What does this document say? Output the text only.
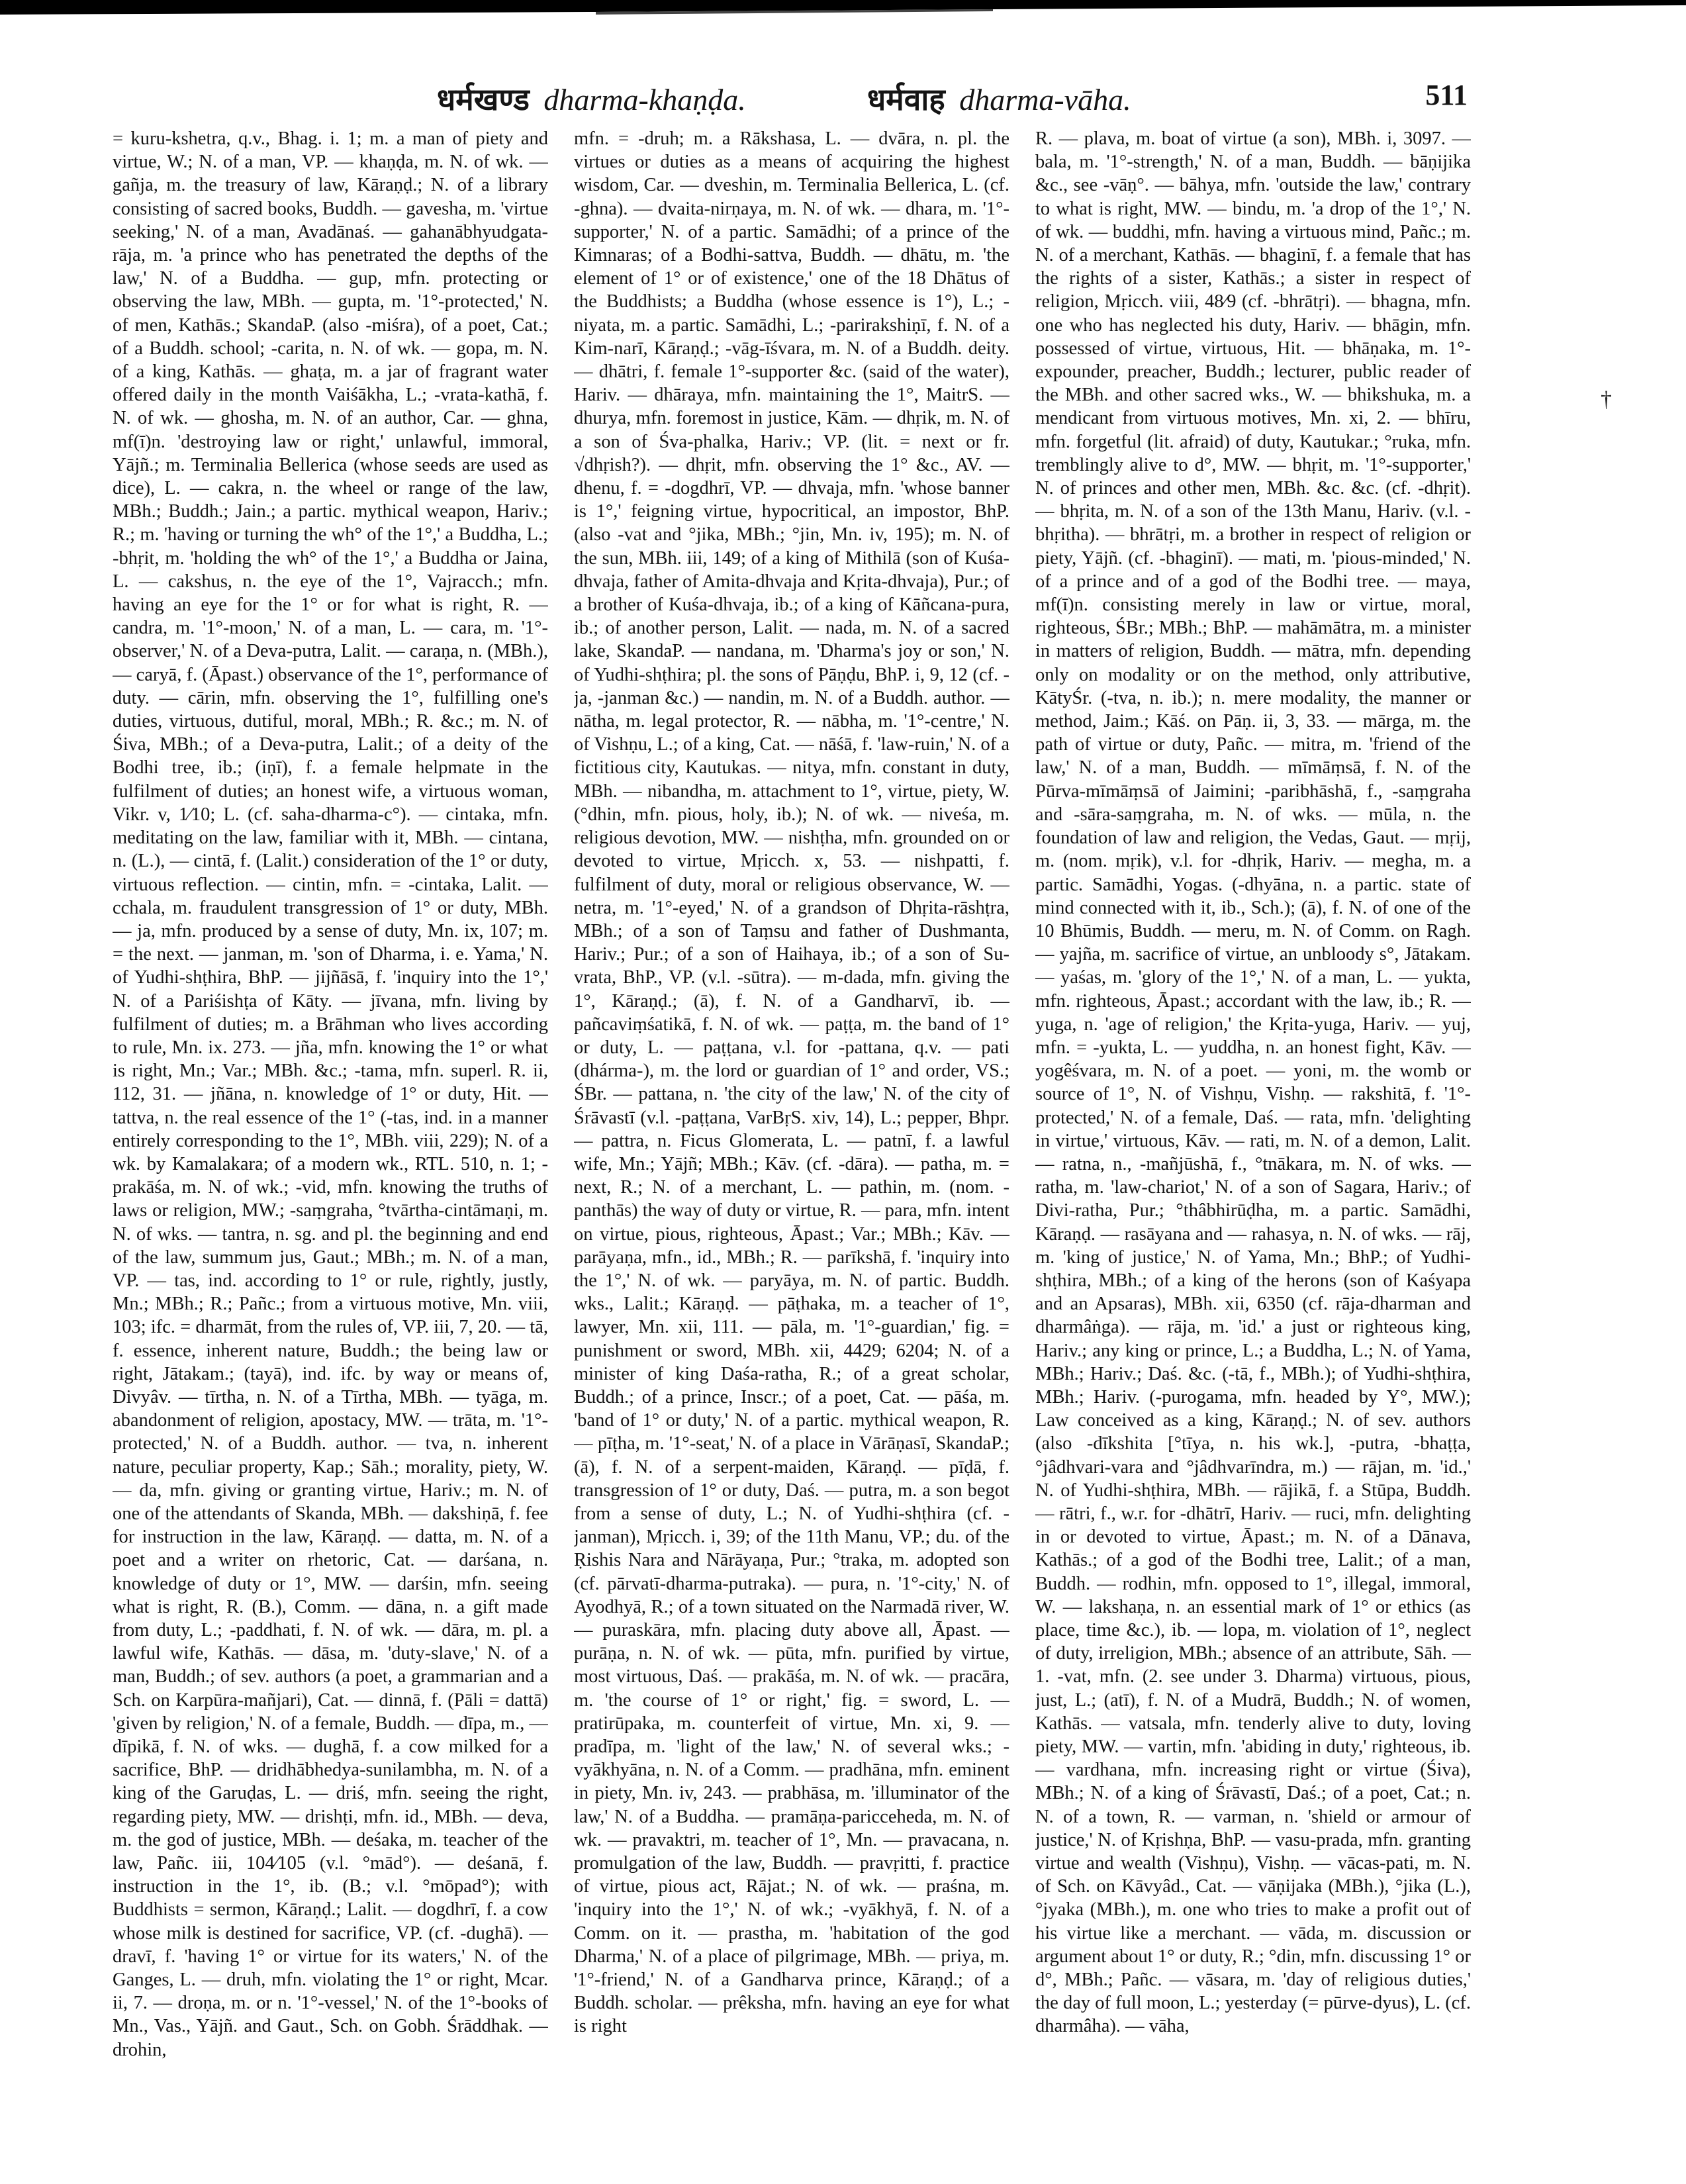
धर्मखण्ड dharma-khaṇḍa.	धर्मवाह dharma-vāha.	511

= kuru-kshetra, q.v., Bhag. i. 1; m. a man of piety and virtue, W.; N. of a man, VP. — khaṇḍa, m. N. of wk. — gañja, m. the treasury of law, Kāraṇḍ.; N. of a library consisting of sacred books, Buddh. — gavesha, m. 'virtue seeking,' N. of a man, Avadānaś. — gahanābhyudgata-rāja, m. 'a prince who has penetrated the depths of the law,' N. of a Buddha. — gup, mfn. protecting or observing the law, MBh. — gupta, m. '1°-protected,' N. of men, Kathās.; SkandaP. (also -miśra), of a poet, Cat.; of a Buddh. school; -carita, n. N. of wk. — gopa, m. N. of a king, Kathās. — ghaṭa, m. a jar of fragrant water offered daily in the month Vaiśākha, L.; -vrata-kathā, f. N. of wk. — ghosha, m. N. of an author, Car. — ghna, mf(ī)n. 'destroying law or right,' unlawful, immoral, Yājñ.; m. Terminalia Bellerica (whose seeds are used as dice), L. — cakra, n. the wheel or range of the law, MBh.; Buddh.; Jain.; a partic. mythical weapon, Hariv.; R.; m. 'having or turning the wh° of the 1°,' a Buddha, L.; -bhṛit, m. 'holding the wh° of the 1°,' a Buddha or Jaina, L. — cakshus, n. the eye of the 1°, Vajracch.; mfn. having an eye for the 1° or for what is right, R. — candra, m. '1°-moon,' N. of a man, L. — cara, m. '1°-observer,' N. of a Deva-putra, Lalit. — caraṇa, n. (MBh.), — caryā, f. (Āpast.) observance of the 1°, performance of duty. — cārin, mfn. observing the 1°, fulfilling one's duties, virtuous, dutiful, moral, MBh.; R. &c.; m. N. of Śiva, MBh.; of a Deva-putra, Lalit.; of a deity of the Bodhi tree, ib.; (iṇī), f. a female helpmate in the fulfilment of duties; an honest wife, a virtuous woman, Vikr. v, 1⁄10; L. (cf. saha-dharma-c°). — cintaka, mfn. meditating on the law, familiar with it, MBh. — cintana, n. (L.), — cintā, f. (Lalit.) consideration of the 1° or duty, virtuous reflection. — cintin, mfn. = -cintaka, Lalit. — cchala, m. fraudulent transgression of 1° or duty, MBh. — ja, mfn. produced by a sense of duty, Mn. ix, 107; m. = the next. — janman, m. 'son of Dharma, i. e. Yama,' N. of Yudhi-shṭhira, BhP. — jijñāsā, f. 'inquiry into the 1°,' N. of a Pariśishṭa of Kāty. — jīvana, mfn. living by fulfilment of duties; m. a Brāhman who lives according to rule, Mn. ix. 273. — jña, mfn. knowing the 1° or what is right, Mn.; Var.; MBh. &c.; -tama, mfn. superl. R. ii, 112, 31. — jñāna, n. knowledge of 1° or duty, Hit. — tattva, n. the real essence of the 1° (-tas, ind. in a manner entirely corresponding to the 1°, MBh. viii, 229); N. of a wk. by Kamalakara; of a modern wk., RTL. 510, n. 1; -prakāśa, m. N. of wk.; -vid, mfn. knowing the truths of laws or religion, MW.; -saṃgraha, °tvārtha-cintāmaṇi, m. N. of wks. — tantra, n. sg. and pl. the beginning and end of the law, summum jus, Gaut.; MBh.; m. N. of a man, VP. — tas, ind. according to 1° or rule, rightly, justly, Mn.; MBh.; R.; Pañc.; from a virtuous motive, Mn. viii, 103; ifc. = dharmāt, from the rules of, VP. iii, 7, 20. — tā, f. essence, inherent nature, Buddh.; the being law or right, Jātakam.; (tayā), ind. ifc. by way or means of, Divyâv. — tīrtha, n. N. of a Tīrtha, MBh. — tyāga, m. abandonment of religion, apostacy, MW. — trāta, m. '1°-protected,' N. of a Buddh. author. — tva, n. inherent nature, peculiar property, Kap.; Sāh.; morality, piety, W. — da, mfn. giving or granting virtue, Hariv.; m. N. of one of the attendants of Skanda, MBh. — dakshiṇā, f. fee for instruction in the law, Kāraṇḍ. — datta, m. N. of a poet and a writer on rhetoric, Cat. — darśana, n. knowledge of duty or 1°, MW. — darśin, mfn. seeing what is right, R. (B.), Comm. — dāna, n. a gift made from duty, L.; -paddhati, f. N. of wk. — dāra, m. pl. a lawful wife, Kathās. — dāsa, m. 'duty-slave,' N. of a man, Buddh.; of sev. authors (a poet, a grammarian and a Sch. on Karpūra-mañjari), Cat. — dinnā, f. (Pāli = dattā) 'given by religion,' N. of a female, Buddh. — dīpa, m., — dīpikā, f. N. of wks. — dughā, f. a cow milked for a sacrifice, BhP. — dridhābhedya-sunilambha, m. N. of a king of the Garuḍas, L. — driś, mfn. seeing the right, regarding piety, MW. — drishṭi, mfn. id., MBh. — deva, m. the god of justice, MBh. — deśaka, m. teacher of the law, Pañc. iii, 104⁄105 (v.l. °mād°). — deśanā, f. instruction in the 1°, ib. (B.; v.l. °mōpad°); with Buddhists = sermon, Kāraṇḍ.; Lalit. — dogdhrī, f. a cow whose milk is destined for sacrifice, VP. (cf. -dughā). — dravī, f. 'having 1° or virtue for its waters,' N. of the Ganges, L. — druh, mfn. violating the 1° or right, Mcar. ii, 7. — droṇa, m. or n. '1°-vessel,' N. of the 1°-books of Mn., Vas., Yājñ. and Gaut., Sch. on Gobh. Śrāddhak. — drohin,

mfn. = -druh; m. a Rākshasa, L. — dvāra, n. pl. the virtues or duties as a means of acquiring the highest wisdom, Car. — dveshin, m. Terminalia Bellerica, L. (cf. -ghna). — dvaita-nirṇaya, m. N. of wk. — dhara, m. '1°-supporter,' N. of a partic. Samādhi; of a prince of the Kimnaras; of a Bodhi-sattva, Buddh. — dhātu, m. 'the element of 1° or of existence,' one of the 18 Dhātus of the Buddhists; a Buddha (whose essence is 1°), L.; -niyata, m. a partic. Samādhi, L.; -parirakshiṇī, f. N. of a Kim-narī, Kāraṇḍ.; -vāg-īśvara, m. N. of a Buddh. deity. — dhātri, f. female 1°-supporter &c. (said of the water), Hariv. — dhāraya, mfn. maintaining the 1°, MaitrS. — dhurya, mfn. foremost in justice, Kām. — dhṛik, m. N. of a son of Śva-phalka, Hariv.; VP. (lit. = next or fr. √dhṛish?). — dhṛit, mfn. observing the 1° &c., AV. — dhenu, f. = -dogdhrī, VP. — dhvaja, mfn. 'whose banner is 1°,' feigning virtue, hypocritical, an impostor, BhP. (also -vat and °jika, MBh.; °jin, Mn. iv, 195); m. N. of the sun, MBh. iii, 149; of a king of Mithilā (son of Kuśa-dhvaja, father of Amita-dhvaja and Kṛita-dhvaja), Pur.; of a brother of Kuśa-dhvaja, ib.; of a king of Kāñcana-pura, ib.; of another person, Lalit. — nada, m. N. of a sacred lake, SkandaP. — nandana, m. 'Dharma's joy or son,' N. of Yudhi-shṭhira; pl. the sons of Pāṇḍu, BhP. i, 9, 12 (cf. -ja, -janman &c.) — nandin, m. N. of a Buddh. author. — nātha, m. legal protector, R. — nābha, m. '1°-centre,' N. of Vishṇu, L.; of a king, Cat. — nāśā, f. 'law-ruin,' N. of a fictitious city, Kautukas. — nitya, mfn. constant in duty, MBh. — nibandha, m. attachment to 1°, virtue, piety, W. (°dhin, mfn. pious, holy, ib.); N. of wk. — niveśa, m. religious devotion, MW. — nishṭha, mfn. grounded on or devoted to virtue, Mṛicch. x, 53. — nishpatti, f. fulfilment of duty, moral or religious observance, W. — netra, m. '1°-eyed,' N. of a grandson of Dhṛita-rāshṭra, MBh.; of a son of Taṃsu and father of Dushmanta, Hariv.; Pur.; of a son of Haihaya, ib.; of a son of Su-vrata, BhP., VP. (v.l. -sūtra). — m-dada, mfn. giving the 1°, Kāraṇḍ.; (ā), f. N. of a Gandharvī, ib. — pañcaviṃśatikā, f. N. of wk. — paṭṭa, m. the band of 1° or duty, L. — paṭṭana, v.l. for -pattana, q.v. — pati (dhárma-), m. the lord or guardian of 1° and order, VS.; ŚBr. — pattana, n. 'the city of the law,' N. of the city of Śrāvastī (v.l. -paṭṭana, VarBṛS. xiv, 14), L.; pepper, Bhpr. — pattra, n. Ficus Glomerata, L. — patnī, f. a lawful wife, Mn.; Yājñ; MBh.; Kāv. (cf. -dāra). — patha, m. = next, R.; N. of a merchant, L. — pathin, m. (nom. -panthās) the way of duty or virtue, R. — para, mfn. intent on virtue, pious, righteous, Āpast.; Var.; MBh.; Kāv. — parāyaṇa, mfn., id., MBh.; R. — parīkshā, f. 'inquiry into the 1°,' N. of wk. — paryāya, m. N. of partic. Buddh. wks., Lalit.; Kāraṇḍ. — pāṭhaka, m. a teacher of 1°, lawyer, Mn. xii, 111. — pāla, m. '1°-guardian,' fig. = punishment or sword, MBh. xii, 4429; 6204; N. of a minister of king Daśa-ratha, R.; of a great scholar, Buddh.; of a prince, Inscr.; of a poet, Cat. — pāśa, m. 'band of 1° or duty,' N. of a partic. mythical weapon, R. — pīṭha, m. '1°-seat,' N. of a place in Vārāṇasī, SkandaP.; (ā), f. N. of a serpent-maiden, Kāraṇḍ. — pīḍā, f. transgression of 1° or duty, Daś. — putra, m. a son begot from a sense of duty, L.; N. of Yudhi-shṭhira (cf. -janman), Mṛicch. i, 39; of the 11th Manu, VP.; du. of the Ṛishis Nara and Nārāyaṇa, Pur.; °traka, m. adopted son (cf. pārvatī-dharma-putraka). — pura, n. '1°-city,' N. of Ayodhyā, R.; of a town situated on the Narmadā river, W. — puraskāra, mfn. placing duty above all, Āpast. — purāṇa, n. N. of wk. — pūta, mfn. purified by virtue, most virtuous, Daś. — prakāśa, m. N. of wk. — pracāra, m. 'the course of 1° or right,' fig. = sword, L. — pratirūpaka, m. counterfeit of virtue, Mn. xi, 9. — pradīpa, m. 'light of the law,' N. of several wks.; -vyākhyāna, n. N. of a Comm. — pradhāna, mfn. eminent in piety, Mn. iv, 243. — prabhāsa, m. 'illuminator of the law,' N. of a Buddha. — pramāṇa-paricceheda, m. N. of wk. — pravaktri, m. teacher of 1°, Mn. — pravacana, n. promulgation of the law, Buddh. — pravṛitti, f. practice of virtue, pious act, Rājat.; N. of wk. — praśna, m. 'inquiry into the 1°,' N. of wk.; -vyākhyā, f. N. of a Comm. on it. — prastha, m. 'habitation of the god Dharma,' N. of a place of pilgrimage, MBh. — priya, m. '1°-friend,' N. of a Gandharva prince, Kāraṇḍ.; of a Buddh. scholar. — prêksha, mfn. having an eye for what is right

R. — plava, m. boat of virtue (a son), MBh. i, 3097. — bala, m. '1°-strength,' N. of a man, Buddh. — bāṇijika &c., see -vāṇ°. — bāhya, mfn. 'outside the law,' contrary to what is right, MW. — bindu, m. 'a drop of the 1°,' N. of wk. — buddhi, mfn. having a virtuous mind, Pañc.; m. N. of a merchant, Kathās. — bhaginī, f. a female that has the rights of a sister, Kathās.; a sister in respect of religion, Mṛicch. viii, 48⁄9 (cf. -bhrātṛi). — bhagna, mfn. one who has neglected his duty, Hariv. — bhāgin, mfn. possessed of virtue, virtuous, Hit. — bhāṇaka, m. 1°-expounder, preacher, Buddh.; lecturer, public reader of the MBh. and other sacred wks., W. — bhikshuka, m. a mendicant from virtuous motives, Mn. xi, 2. — bhīru, mfn. forgetful (lit. afraid) of duty, Kautukar.; °ruka, mfn. tremblingly alive to d°, MW. — bhṛit, m. '1°-supporter,' N. of princes and other men, MBh. &c. &c. (cf. -dhṛit). — bhṛita, m. N. of a son of the 13th Manu, Hariv. (v.l. -bhṛitha). — bhrātṛi, m. a brother in respect of religion or piety, Yājñ. (cf. -bhaginī). — mati, m. 'pious-minded,' N. of a prince and of a god of the Bodhi tree. — maya, mf(ī)n. consisting merely in law or virtue, moral, righteous, ŚBr.; MBh.; BhP. — mahāmātra, m. a minister in matters of religion, Buddh. — mātra, mfn. depending only on modality or on the method, only attributive, KātyŚr. (-tva, n. ib.); n. mere modality, the manner or method, Jaim.; Kāś. on Pāṇ. ii, 3, 33. — mārga, m. the path of virtue or duty, Pañc. — mitra, m. 'friend of the law,' N. of a man, Buddh. — mīmāṃsā, f. N. of the Pūrva-mīmāṃsā of Jaimini; -paribhāshā, f., -saṃgraha and -sāra-saṃgraha, m. N. of wks. — mūla, n. the foundation of law and religion, the Vedas, Gaut. — mṛij, m. (nom. mṛik), v.l. for -dhṛik, Hariv. — megha, m. a partic. Samādhi, Yogas. (-dhyāna, n. a partic. state of mind connected with it, ib., Sch.); (ā), f. N. of one of the 10 Bhūmis, Buddh. — meru, m. N. of Comm. on Ragh. — yajña, m. sacrifice of virtue, an unbloody s°, Jātakam. — yaśas, m. 'glory of the 1°,' N. of a man, L. — yukta, mfn. righteous, Āpast.; accordant with the law, ib.; R. — yuga, n. 'age of religion,' the Kṛita-yuga, Hariv. — yuj, mfn. = -yukta, L. — yuddha, n. an honest fight, Kāv. — yogêśvara, m. N. of a poet. — yoni, m. the womb or source of 1°, N. of Vishṇu, Vishṇ. — rakshitā, f. '1°-protected,' N. of a female, Daś. — rata, mfn. 'delighting in virtue,' virtuous, Kāv. — rati, m. N. of a demon, Lalit. — ratna, n., -mañjūshā, f., °tnākara, m. N. of wks. — ratha, m. 'law-chariot,' N. of a son of Sagara, Hariv.; of Divi-ratha, Pur.; °thâbhirūḍha, m. a partic. Samādhi, Kāraṇḍ. — rasāyana and — rahasya, n. N. of wks. — rāj, m. 'king of justice,' N. of Yama, Mn.; BhP.; of Yudhi-shṭhira, MBh.; of a king of the herons (son of Kaśyapa and an Apsaras), MBh. xii, 6350 (cf. rāja-dharman and dharmâṅga). — rāja, m. 'id.' a just or righteous king, Hariv.; any king or prince, L.; a Buddha, L.; N. of Yama, MBh.; Hariv.; Daś. &c. (-tā, f., MBh.); of Yudhi-shṭhira, MBh.; Hariv. (-purogama, mfn. headed by Y°, MW.); Law conceived as a king, Kāraṇḍ.; N. of sev. authors (also -dīkshita [°tīya, n. his wk.], -putra, -bhaṭṭa, °jâdhvari-vara and °jâdhvarīndra, m.) — rājan, m. 'id.,' N. of Yudhi-shṭhira, MBh. — rājikā, f. a Stūpa, Buddh. — rātri, f., w.r. for -dhātrī, Hariv. — ruci, mfn. delighting in or devoted to virtue, Āpast.; m. N. of a Dānava, Kathās.; of a god of the Bodhi tree, Lalit.; of a man, Buddh. — rodhin, mfn. opposed to 1°, illegal, immoral, W. — lakshaṇa, n. an essential mark of 1° or ethics (as place, time &c.), ib. — lopa, m. violation of 1°, neglect of duty, irreligion, MBh.; absence of an attribute, Sāh. — 1. -vat, mfn. (2. see under 3. Dharma) virtuous, pious, just, L.; (atī), f. N. of a Mudrā, Buddh.; N. of women, Kathās. — vatsala, mfn. tenderly alive to duty, loving piety, MW. — vartin, mfn. 'abiding in duty,' righteous, ib. — vardhana, mfn. increasing right or virtue (Śiva), MBh.; N. of a king of Śrāvastī, Daś.; of a poet, Cat.; n. N. of a town, R. — varman, n. 'shield or armour of justice,' N. of Kṛishṇa, BhP. — vasu-prada, mfn. granting virtue and wealth (Vishṇu), Vishṇ. — vācas-pati, m. N. of Sch. on Kāvyâd., Cat. — vāṇijaka (MBh.), °jika (L.), °jyaka (MBh.), m. one who tries to make a profit out of his virtue like a merchant. — vāda, m. discussion or argument about 1° or duty, R.; °din, mfn. discussing 1° or d°, MBh.; Pañc. — vāsara, m. 'day of religious duties,' the day of full moon, L.; yesterday (= pūrve-dyus), L. (cf. dharmâha). — vāha,

†
